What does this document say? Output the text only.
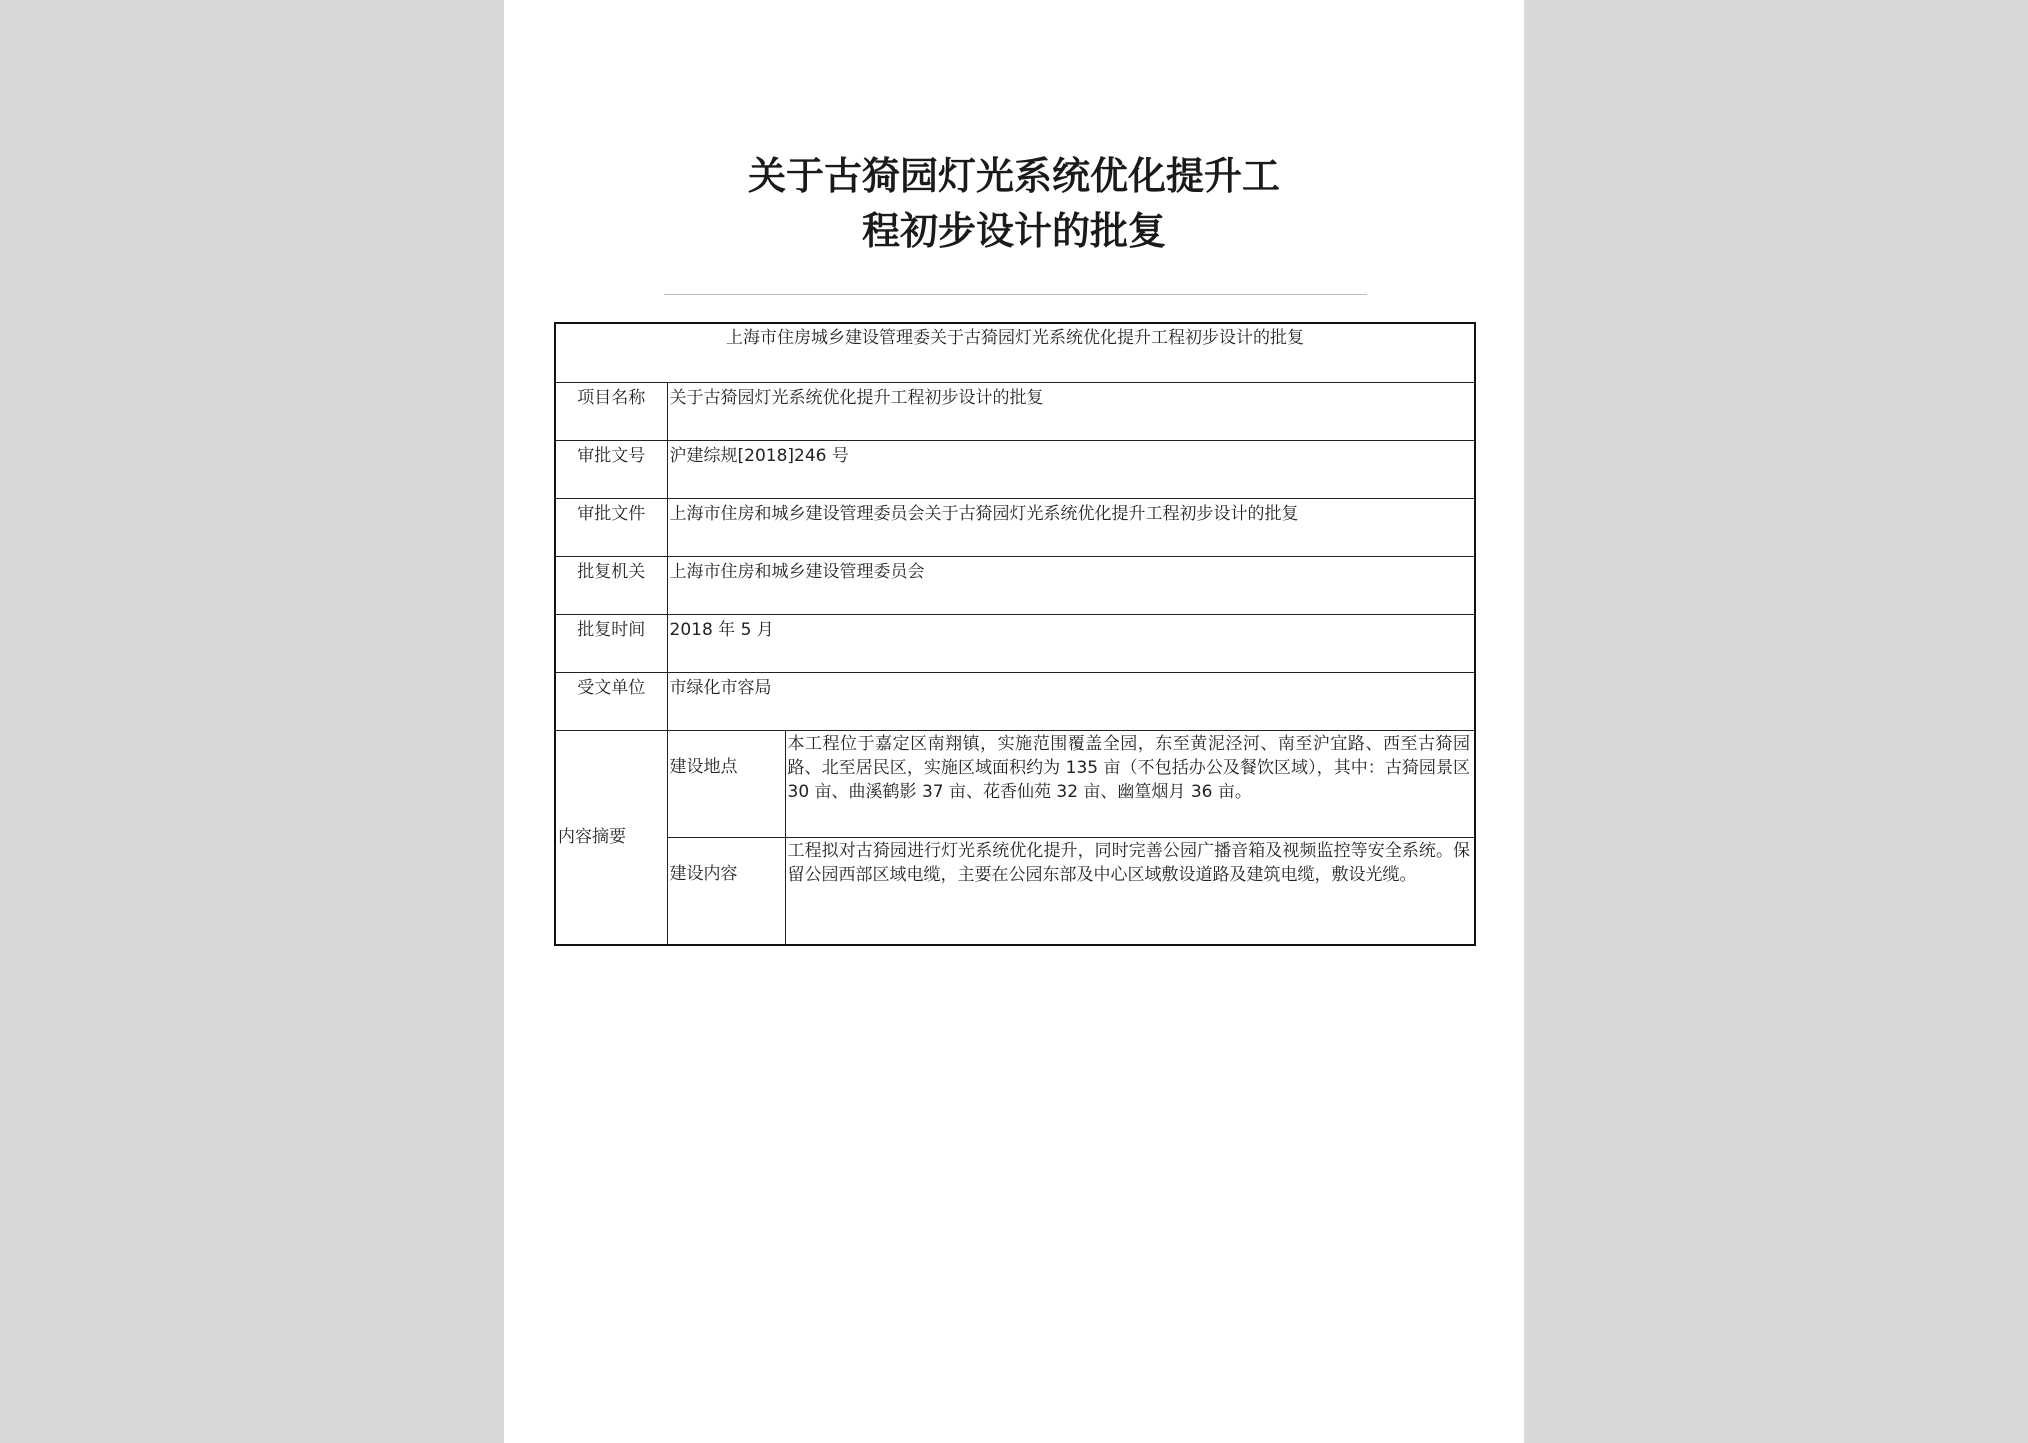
关于古猗园灯光系统优化提升工
程初步设计的批复
上海市住房城乡建设管理委关于古猗园灯光系统优化提升工程初步设计的批复		
项目名称	关于古猗园灯光系统优化提升工程初步设计的批复	
审批文号	沪建综规[2018]246 号	
审批文件	上海市住房和城乡建设管理委员会关于古猗园灯光系统优化提升工程初步设计的批复	
批复机关	上海市住房和城乡建设管理委员会	
批复时间	2018 年 5 月	
受文单位	市绿化市容局	
内容摘要	建设地点	本工程位于嘉定区南翔镇，实施范围覆盖全园，东至黄泥泾河、南至沪宜路、西至古猗园路、北至居民区，实施区域面积约为 135 亩（不包括办公及餐饮区域），其中：古猗园景区 30 亩、曲溪鹤影 37 亩、花香仙苑 32 亩、幽篁烟月 36 亩。
	建设内容	工程拟对古猗园进行灯光系统优化提升，同时完善公园广播音箱及视频监控等安全系统。保留公园西部区域电缆，主要在公园东部及中心区域敷设道路及建筑电缆，敷设光缆。
